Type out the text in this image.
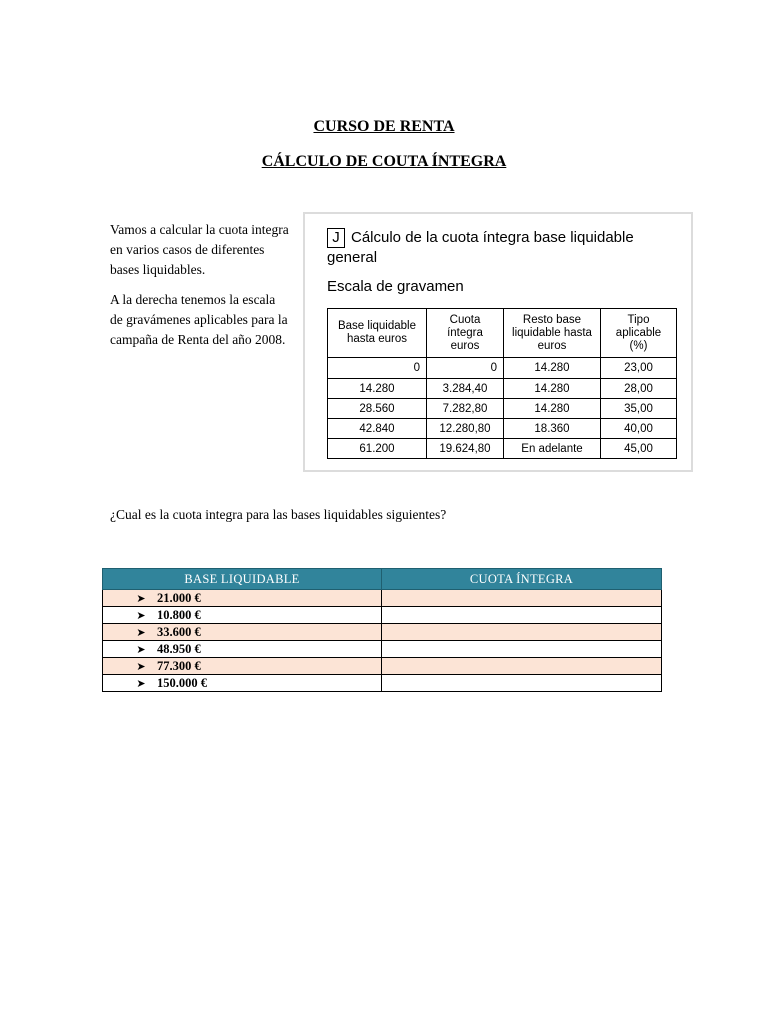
CURSO DE RENTA
CÁLCULO DE COUTA ÍNTEGRA

Vamos a calcular la cuota integra en varios casos de diferentes bases liquidables.

A la derecha tenemos la escala de gravámenes aplicables para la campaña de Renta del año 2008.

J Cálculo de la cuota íntegra base liquidable general
Escala de gravamen
Base liquidable hasta euros	Cuota íntegra euros	Resto base liquidable hasta euros	Tipo aplicable (%)
0	0	14.280	23,00
14.280	3.284,40	14.280	28,00
28.560	7.282,80	14.280	35,00
42.840	12.280,80	18.360	40,00
61.200	19.624,80	En adelante	45,00
¿Cual es la cuota integra para las bases liquidables siguientes?
BASE LIQUIDABLE	CUOTA ÍNTEGRA
➤ 21.000 €	
➤ 10.800 €	
➤ 33.600 €	
➤ 48.950 €	
➤ 77.300 €	
➤ 150.000 €	
